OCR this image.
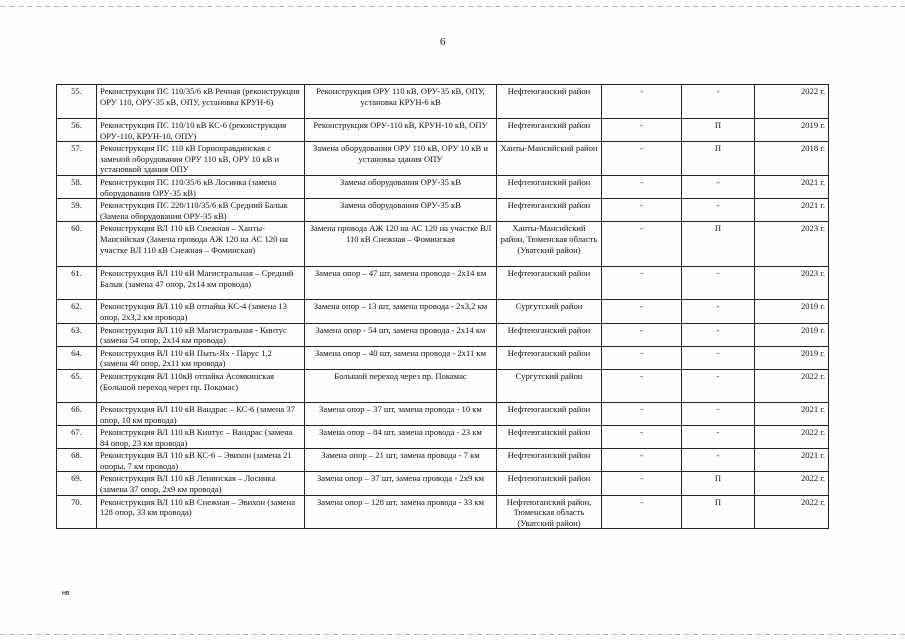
6
55.	Реконструкция ПС 110/35/6 кВ Речная (реконструкция ОРУ 110, ОРУ-35 кВ, ОПУ, установка КРУН-6)	Реконструкция ОРУ 110 кВ, ОРУ-35 кВ, ОПУ, установка КРУН-6 кВ	Нефтеюганский район	-	-	2022 г.
56.	Реконструкция ПС 110/10 кВ КС-6 (реконструкция ОРУ-110, КРУН-10, ОПУ)	Реконструкция ОРУ-110 кВ, КРУН-10 кВ, ОПУ	Нефтеюганский район	-	П	2019 г.
57.	Реконструкция ПС 110 кВ Горноправдинская с заменой оборудования ОРУ 110 кВ, ОРУ 10 кВ и установкой здания ОПУ	Замена оборудования ОРУ 110 кВ, ОРУ 10 кВ и установка здания ОПУ	Ханты-Мансийский район	-	П	2018 г.
58.	Реконструкция ПС 110/35/6 кВ Лосинка (замена оборудования ОРУ-35 кВ)	Замена оборудования ОРУ-35 кВ	Нефтеюганский район	-	-	2021 г.
59.	Реконструкция ПС 220/110/35/6 кВ Средний Балык (Замена оборудования ОРУ-35 кВ)	Замена оборудования ОРУ-35 кВ	Нефтеюганский район	-	-	2021 г.
60.	Реконструкция ВЛ 110 кВ Снежная – Ханты-Мансийская (Замена провода АЖ 120 на АС 120 на участке ВЛ 110 кВ Снежная – Фоминская)	Замена провода АЖ 120 на АС 120 на участке ВЛ 110 кВ Снежная – Фоминская	Ханты-Мансийский район, Тюменская область (Уватский район)	-	П	2023 г.
61.	Реконструкция ВЛ 110 кВ Магистральная – Средний Балык (замена 47 опор, 2х14 км провода)	Замена опор – 47 шт, замена провода - 2х14 км	Нефтеюганский район	-	-	2023 г.
62.	Реконструкция ВЛ 110 кВ отпайка КС-4 (замена 13 опор, 2х3,2 км провода)	Замена опор – 13 шт, замена провода - 2х3,2 км	Сургутский район	-	-	2019 г.
63.	Реконструкция ВЛ 110 кВ Магистральная - Кинтус (замена 54 опор, 2х14 км провода)	Замена опор - 54 шт, замена провода - 2х14 км	Нефтеюганский район	-	-	2019 г.
64.	Реконструкция ВЛ 110 кВ Пыть-Ях - Парус 1,2 (замена 40 опор, 2х11 км провода)	Замена опор – 40 шт, замена провода - 2х11 км	Нефтеюганский район	-	-	2019 г.
65.	Реконструкция ВЛ 110кВ отпайка Асомкинская (Большой переход через пр. Покамас)	Большой переход через пр. Покамас	Сургутский район	-	-	2022 г.
66.	Реконструкция ВЛ 110 кВ Вандрас – КС-6 (замена 37 опор, 10 км провода)	Замена опор – 37 шт, замена провода - 10 км	Нефтеюганский район	-	-	2021 г.
67.	Реконструкция ВЛ 110 кВ Кинтус – Вандрас (замена 84 опор, 23 км провода)	Замена опор – 84 шт, замена провода - 23 км	Нефтеюганский район	-	-	2022 г.
68.	Реконструкция ВЛ 110 кВ КС-6 – Эвихон (замена 21 опоры, 7 км провода)	Замена опор – 21 шт, замена провода - 7 км	Нефтеюганский район	-	-	2021 г.
69.	Реконструкция ВЛ 110 кВ Ленинская – Лосинка (замена 37 опор, 2х9 км провода)	Замена опор – 37 шт, замена провода - 2х9 км	Нефтеюганский район	-	П	2022 г.
70.	Реконструкция ВЛ 110 кВ Снежная – Эвихон (замена 128 опор, 33 км провода)	Замена опор – 128 шт, замена провода - 33 км	Нефтеюганский район, Тюменская область (Уватский район)	-	П	2022 г.
нв
